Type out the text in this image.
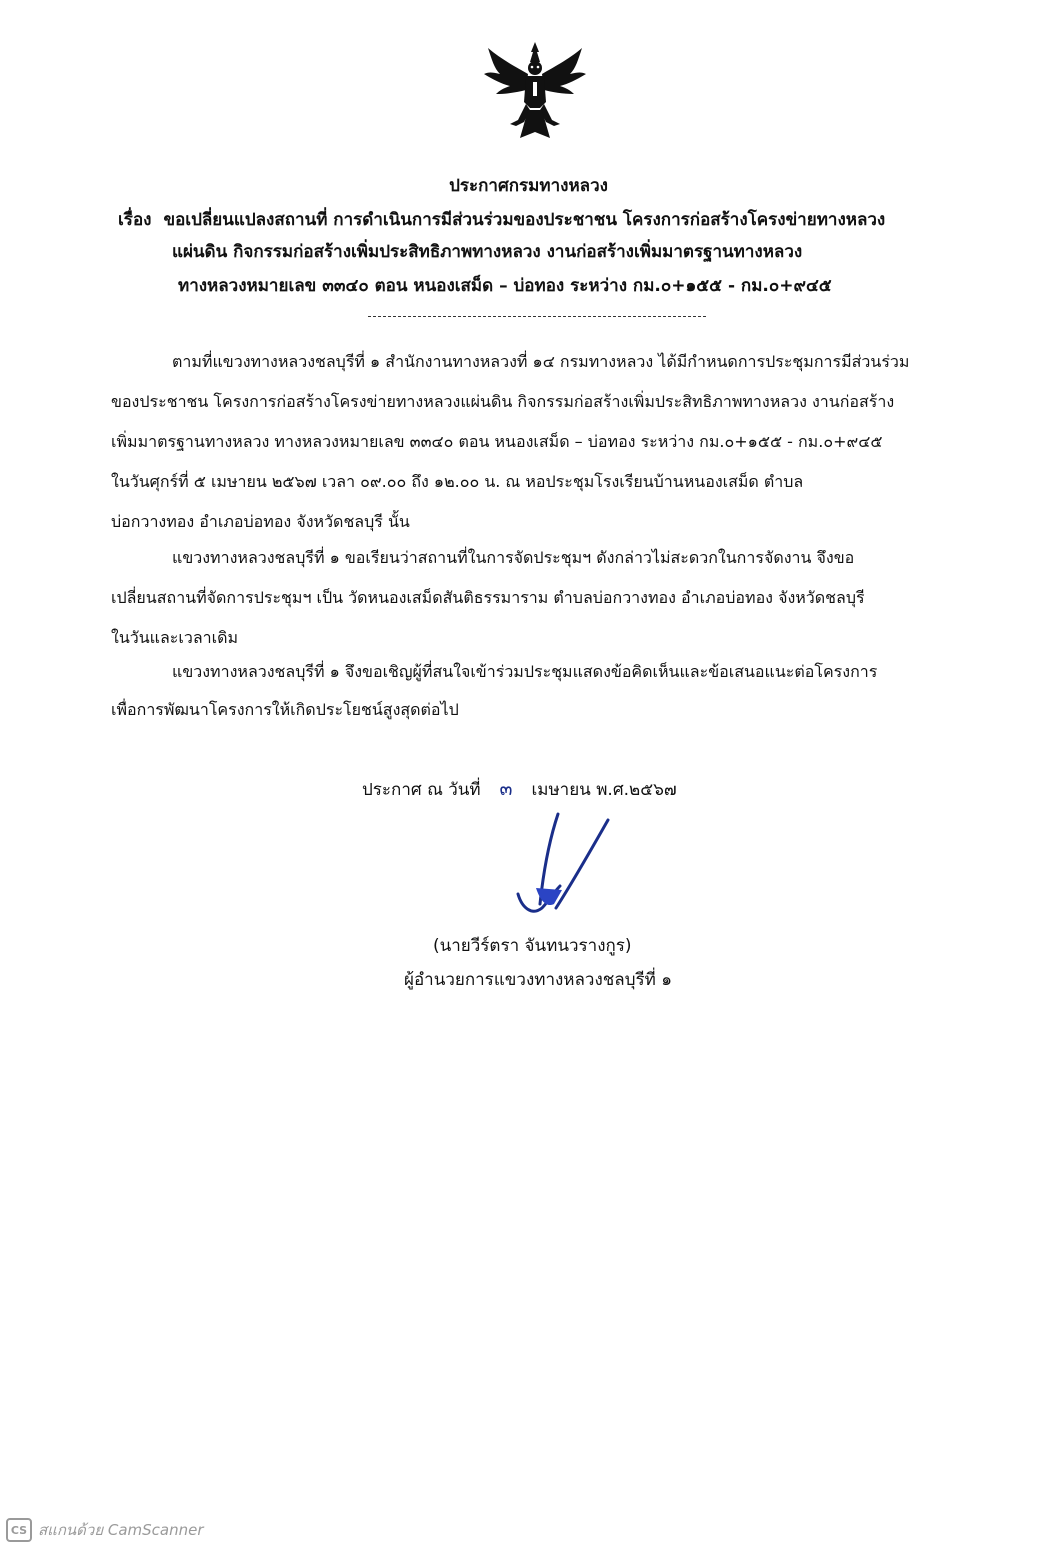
ประกาศกรมทางหลวง
เรื่อง ขอเปลี่ยนแปลงสถานที่ การดำเนินการมีส่วนร่วมของประชาชน โครงการก่อสร้างโครงข่ายทางหลวง
แผ่นดิน กิจกรรมก่อสร้างเพิ่มประสิทธิภาพทางหลวง งานก่อสร้างเพิ่มมาตรฐานทางหลวง
ทางหลวงหมายเลข ๓๓๔๐ ตอน หนองเสม็ด – บ่อทอง ระหว่าง กม.๐+๑๕๕ - กม.๐+๙๔๕
ตามที่แขวงทางหลวงชลบุรีที่ ๑ สำนักงานทางหลวงที่ ๑๔ กรมทางหลวง ได้มีกำหนดการประชุมการมีส่วนร่วม
ของประชาชน โครงการก่อสร้างโครงข่ายทางหลวงแผ่นดิน กิจกรรมก่อสร้างเพิ่มประสิทธิภาพทางหลวง งานก่อสร้าง
เพิ่มมาตรฐานทางหลวง ทางหลวงหมายเลข ๓๓๔๐ ตอน หนองเสม็ด – บ่อทอง ระหว่าง กม.๐+๑๕๕ - กม.๐+๙๔๕
ในวันศุกร์ที่ ๕ เมษายน ๒๕๖๗ เวลา ๐๙.๐๐ ถึง ๑๒.๐๐ น. ณ หอประชุมโรงเรียนบ้านหนองเสม็ด ตำบล
บ่อกวางทอง อำเภอบ่อทอง จังหวัดชลบุรี นั้น
แขวงทางหลวงชลบุรีที่ ๑ ขอเรียนว่าสถานที่ในการจัดประชุมฯ ดังกล่าวไม่สะดวกในการจัดงาน จึงขอ
เปลี่ยนสถานที่จัดการประชุมฯ เป็น วัดหนองเสม็ดสันติธรรมาราม ตำบลบ่อกวางทอง อำเภอบ่อทอง จังหวัดชลบุรี
ในวันและเวลาเดิม
แขวงทางหลวงชลบุรีที่ ๑ จึงขอเชิญผู้ที่สนใจเข้าร่วมประชุมแสดงข้อคิดเห็นและข้อเสนอแนะต่อโครงการ
เพื่อการพัฒนาโครงการให้เกิดประโยชน์สูงสุดต่อไป
ประกาศ ณ วันที่ ๓ เมษายน พ.ศ.๒๕๖๗
(นายวีร์ตรา จันทนวรางกูร)
ผู้อำนวยการแขวงทางหลวงชลบุรีที่ ๑
CS สแกนด้วย CamScanner
